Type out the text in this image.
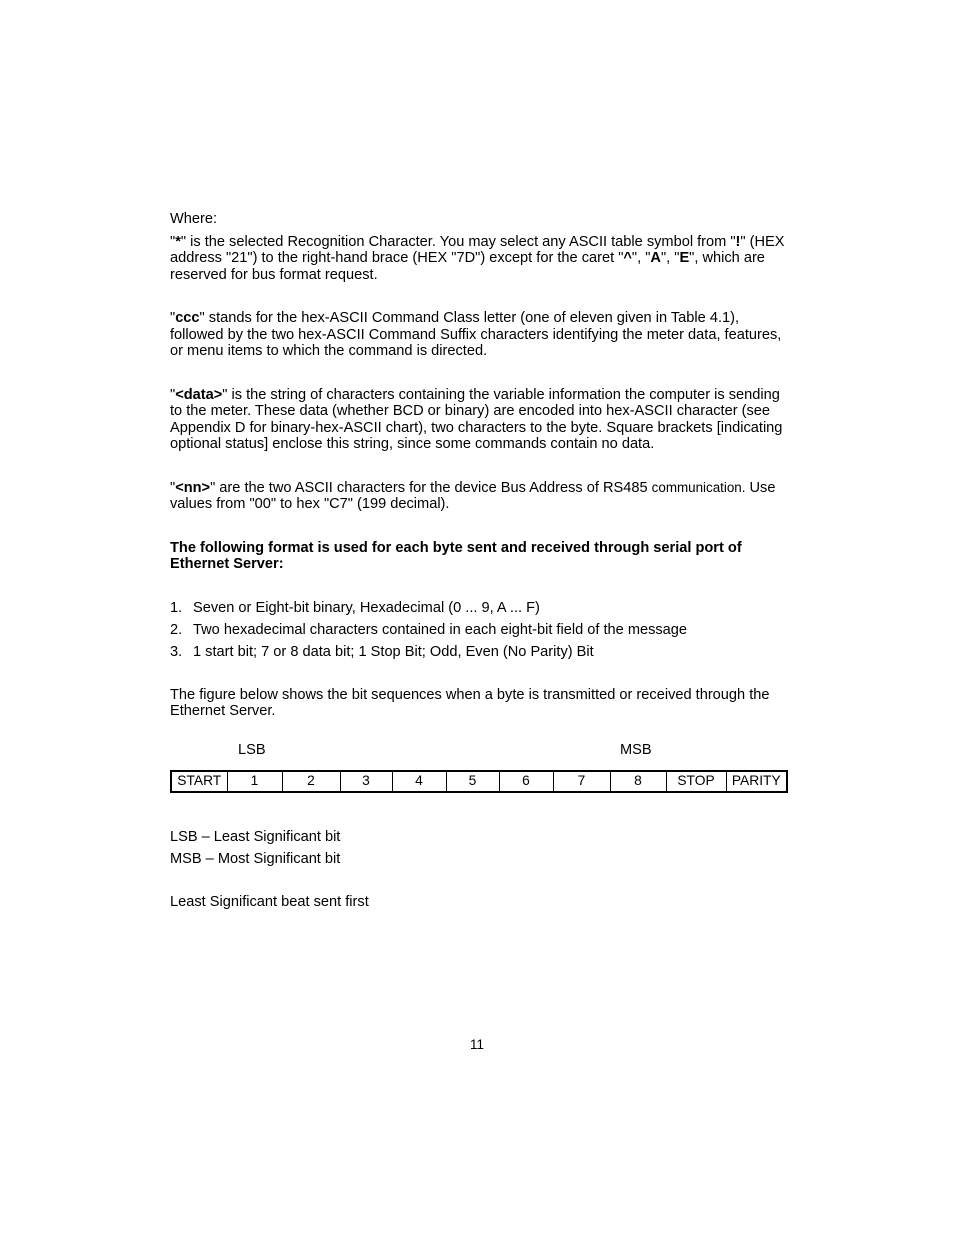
Where:

"*" is the selected Recognition Character. You may select any ASCII table symbol from "!" (HEX address "21") to the right-hand brace (HEX "7D") except for the caret "^", "A", "E", which are reserved for bus format request.

"ccc" stands for the hex-ASCII Command Class letter (one of eleven given in Table 4.1), followed by the two hex-ASCII Command Suffix characters identifying the meter data, features, or menu items to which the command is directed.

"<data>" is the string of characters containing the variable information the computer is sending to the meter. These data (whether BCD or binary) are encoded into hex-ASCII character (see Appendix D for binary-hex-ASCII chart), two characters to the byte. Square brackets [indicating optional status] enclose this string, since some commands contain no data.

"<nn>" are the two ASCII characters for the device Bus Address of RS485 communication. Use values from "00" to hex "C7" (199 decimal).

The following format is used for each byte sent and received through serial port of Ethernet Server:

1. Seven or Eight-bit binary, Hexadecimal (0 ... 9, A ... F)
2. Two hexadecimal characters contained in each eight-bit field of the message
3. 1 start bit; 7 or 8 data bit; 1 Stop Bit; Odd, Even (No Parity) Bit

The figure below shows the bit sequences when a byte is transmitted or received through the Ethernet Server.

LSB	MSB
START	1	2	3	4	5	6	7	8	STOP	PARITY

LSB – Least Significant bit

MSB – Most Significant bit

Least Significant beat sent first

11
